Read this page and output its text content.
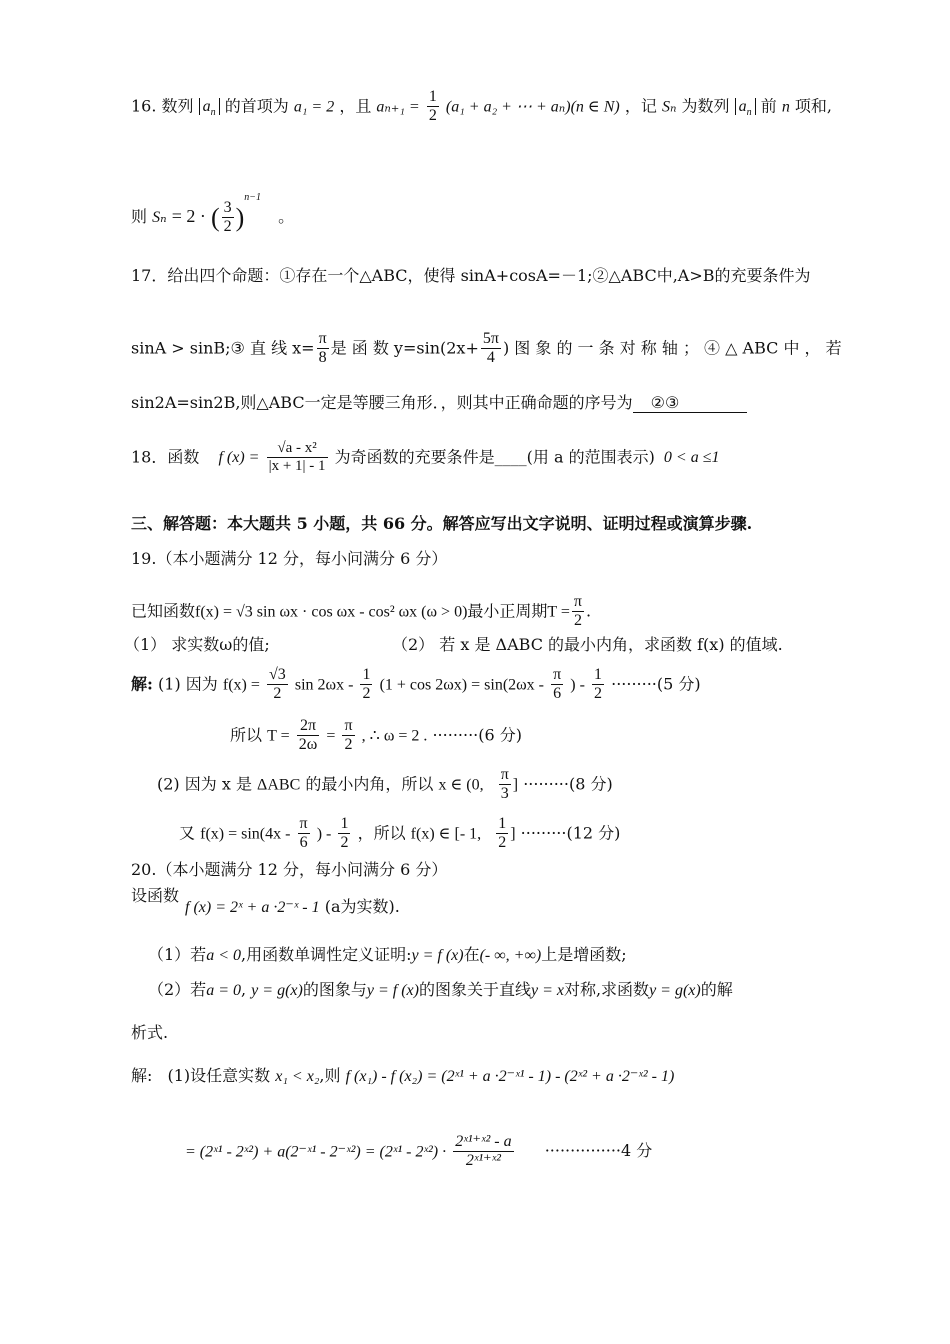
16. 数列 $a_n$ 的首项为 a₁ = 2 ，且 $a_{n+1} = \frac{1}{2} (a_1 + a_2$ + ⋯ + aₙ)(n ∈ N) ，记 Sₙ 为数列 $a_n$ 前 n 项和,
则 Sₙ = 2 · ( $\frac{3}{2} )^{n-1}$ 。
17．给出四个命题：①存在一个△ABC，使得 sinA+cosA=－1;②△ABC中,A>B的充要条件为
sinA > sinB;③ 直 线 $x= \frac{\pi}{8}$ 是 函 数 $y=\sin(2x+ \frac{5\pi}{4}$ ) 图 象 的 一 条 对 称 轴 ； ④ △ ABC 中 ， 若
sin2A=sin2B,则△ABC一定是等腰三角形．，则其中正确命题的序号为 ②③
18．函数 f $(x) = \frac{\text{√a - x²}}{|x + 1| - 1}$ 为奇函数的充要条件是____(用 a 的范围表示) 0 < a ≤1
三、解答题：本大题共 5 小题，共 66 分。解答应写出文字说明、证明过程或演算步骤.
19.（本小题满分 12 分，每小问满分 6 分）
已知函数f(x) = √3 sin ωx · cos ωx - cos² ωx (ω > 0)最小正周期$T = \frac{\pi}{2}$ .
（1） 求实数ω的值;	（2） 若 x 是 ΔABC 的最小内角，求函数 f(x) 的值域.
解: (1) 因为 $f(x) = \frac{√3}{2}$ $\sin 2\omega x - \frac{1}{2} (1 + \cos 2\omega x) = \sin(2\omega x - \frac{\pi}{6}$ ) - $\frac{1}{2} \cdot\cdot\cdot\cdot\cdot\cdot\cdot\cdot\cdot(5$ 分)
所以 $T = \frac{2\pi}{2\omega} = \frac{\pi}{2}$ , ∴ ω = 2 . ·········(6 分)
(2) 因为 x 是 ΔABC 的最小内角，所以 x ∈ (0, $\frac{\pi}{3}$ ] ·········(8 分)
又 $f(x) = \sin(4x - \frac{\pi}{6}$ ) - $\frac{1}{2}$ ，所以 f(x) ∈ [- 1, $\frac{1}{2}$ ] ·········(12 分)
20.（本小题满分 12 分，每小问满分 6 分）
设函数
f (x) = 2ˣ + a ·2⁻ˣ - 1 (a为实数).
（1）若a < 0,用函数单调性定义证明:y = f (x)在(- ∞, +∞)上是增函数;
（2）若a = 0, y = g(x)的图象与y = f (x)的图象关于直线y = x对称,求函数y = g(x)的解
析式.
解: (1)设任意实数 x₁ < x₂,则 f (x₁) - f (x₂) = (2ˣ¹ + a ·2⁻ˣ¹ - 1) - (2ˣ² + a ·2⁻ˣ² - 1)
= (2ˣ¹ - 2ˣ²) + a(2⁻ˣ¹ - 2⁻ˣ²) = (2ˣ¹ - 2ˣ²) · $\frac{\text{2ˣ¹⁺ˣ² - a}}{\text{2ˣ¹⁺ˣ²}} \cdot\cdot\cdot\cdot\cdot\cdot\cdot\cdot\cdot\cdot\cdot\cdot\cdot\cdot\cdot 4$ 分
